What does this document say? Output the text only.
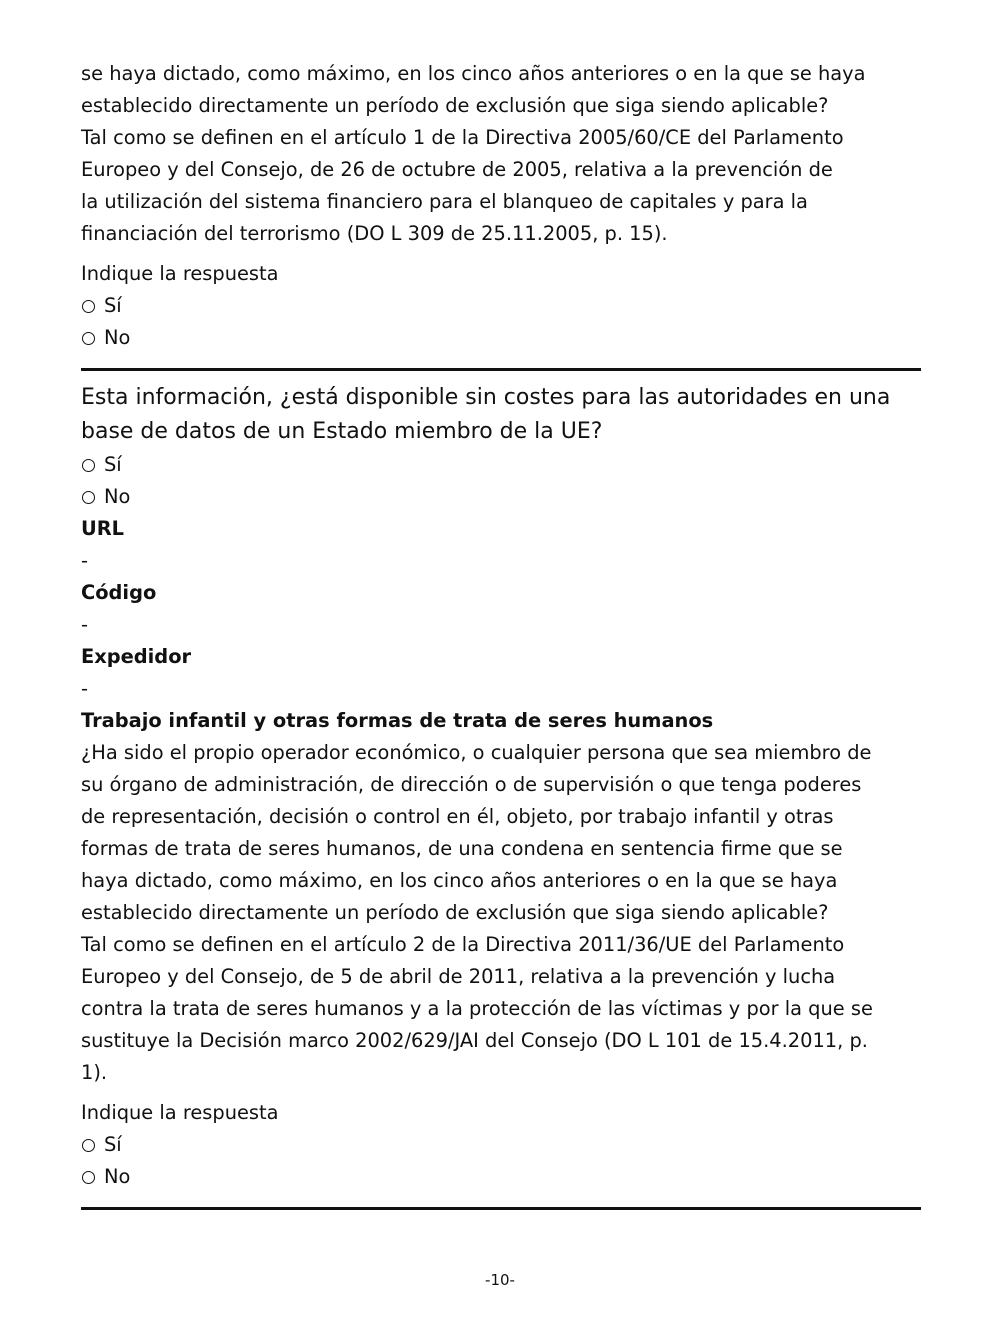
se haya dictado, como máximo, en los cinco años anteriores o en la que se haya

establecido directamente un período de exclusión que siga siendo aplicable?

Tal como se definen en el artículo 1 de la Directiva 2005/60/CE del Parlamento

Europeo y del Consejo, de 26 de octubre de 2005, relativa a la prevención de

la utilización del sistema financiero para el blanqueo de capitales y para la

financiación del terrorismo (DO L 309 de 25.11.2005, p. 15).

Indique la respuesta

Sí
No

Esta información, ¿está disponible sin costes para las autoridades en una base de datos de un Estado miembro de la UE?

Sí
No

URL

-

Código

-

Expedidor

-

Trabajo infantil y otras formas de trata de seres humanos

¿Ha sido el propio operador económico, o cualquier persona que sea miembro de

su órgano de administración, de dirección o de supervisión o que tenga poderes

de representación, decisión o control en él, objeto, por trabajo infantil y otras

formas de trata de seres humanos, de una condena en sentencia firme que se

haya dictado, como máximo, en los cinco años anteriores o en la que se haya

establecido directamente un período de exclusión que siga siendo aplicable?

Tal como se definen en el artículo 2 de la Directiva 2011/36/UE del Parlamento

Europeo y del Consejo, de 5 de abril de 2011, relativa a la prevención y lucha

contra la trata de seres humanos y a la protección de las víctimas y por la que se

sustituye la Decisión marco 2002/629/JAI del Consejo (DO L 101 de 15.4.2011, p.

1).

Indique la respuesta

Sí
No
-10-
